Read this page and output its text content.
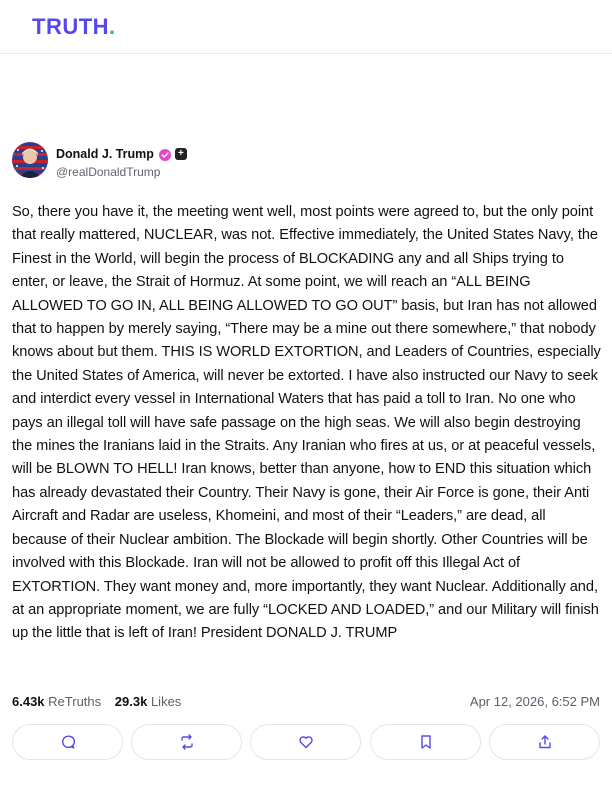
TRUTH.
Donald J. Trump	+
@realDonaldTrump
So, there you have it, the meeting went well, most points were agreed to, but the only point that really mattered, NUCLEAR, was not. Effective immediately, the United States Navy, the Finest in the World, will begin the process of BLOCKADING any and all Ships trying to enter, or leave, the Strait of Hormuz. At some point, we will reach an “ALL BEING ALLOWED TO GO IN, ALL BEING ALLOWED TO GO OUT” basis, but Iran has not allowed that to happen by merely saying, “There may be a mine out there somewhere,” that nobody knows about but them. THIS IS WORLD EXTORTION, and Leaders of Countries, especially the United States of America, will never be extorted. I have also instructed our Navy to seek and interdict every vessel in International Waters that has paid a toll to Iran. No one who pays an illegal toll will have safe passage on the high seas. We will also begin destroying the mines the Iranians laid in the Straits. Any Iranian who fires at us, or at peaceful vessels, will be BLOWN TO HELL! Iran knows, better than anyone, how to END this situation which has already devastated their Country. Their Navy is gone, their Air Force is gone, their Anti Aircraft and Radar are useless, Khomeini, and most of their “Leaders,” are dead, all because of their Nuclear ambition. The Blockade will begin shortly. Other Countries will be involved with this Blockade. Iran will not be allowed to profit off this Illegal Act of EXTORTION. They want money and, more importantly, they want Nuclear. Additionally and, at an appropriate moment, we are fully “LOCKED AND LOADED,” and our Military will finish up the little that is left of Iran! President DONALD J. TRUMP
6.43k ReTruths 29.3k Likes	Apr 12, 2026, 6:52 PM
